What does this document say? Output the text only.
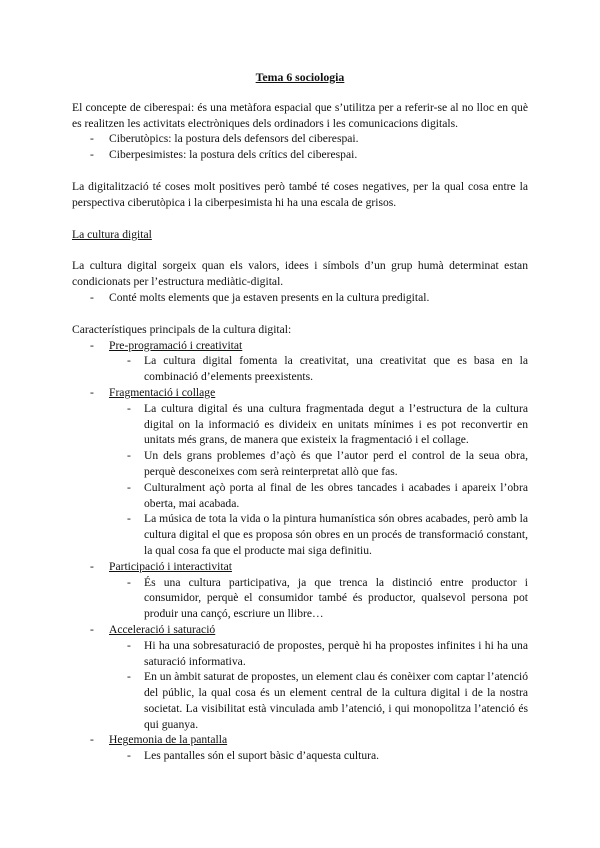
Tema 6 sociologia

El concepte de ciberespai: és una metàfora espacial que s’utilitza per a referir-se al no lloc en què es realitzen les activitats electròniques dels ordinadors i les comunicacions digitals.

- Ciberutòpics: la postura dels defensors del ciberespai.
- Ciberpesimistes: la postura dels crítics del ciberespai.

La digitalització té coses molt positives però també té coses negatives, per la qual cosa entre la perspectiva ciberutòpica i la ciberpesimista hi ha una escala de grisos.

La cultura digital

La cultura digital sorgeix quan els valors, idees i símbols d’un grup humà determinat estan condicionats per l’estructura mediàtic-digital.

- Conté molts elements que ja estaven presents en la cultura predigital.

Característiques principals de la cultura digital:

- Pre-programació i creativitat
- La cultura digital fomenta la creativitat, una creativitat que es basa en la combinació d’elements preexistents.
- Fragmentació i collage
- La cultura digital és una cultura fragmentada degut a l’estructura de la cultura digital on la informació es divideix en unitats mínimes i es pot reconvertir en unitats més grans, de manera que existeix la fragmentació i el collage.
- Un dels grans problemes d’açò és que l’autor perd el control de la seua obra, perquè desconeixes com serà reinterpretat allò que fas.
- Culturalment açò porta al final de les obres tancades i acabades i apareix l’obra oberta, mai acabada.
- La música de tota la vida o la pintura humanística són obres acabades, però amb la cultura digital el que es proposa són obres en un procés de transformació constant, la qual cosa fa que el producte mai siga definitiu.
- Participació i interactivitat
- És una cultura participativa, ja que trenca la distinció entre productor i consumidor, perquè el consumidor també és productor, qualsevol persona pot produir una cançó, escriure un llibre…
- Acceleració i saturació
- Hi ha una sobresaturació de propostes, perquè hi ha propostes infinites i hi ha una saturació informativa.
- En un àmbit saturat de propostes, un element clau és conèixer com captar l’atenció del públic, la qual cosa és un element central de la cultura digital i de la nostra societat. La visibilitat està vinculada amb l’atenció, i qui monopolitza l’atenció és qui guanya.
- Hegemonia de la pantalla
- Les pantalles són el suport bàsic d’aquesta cultura.
